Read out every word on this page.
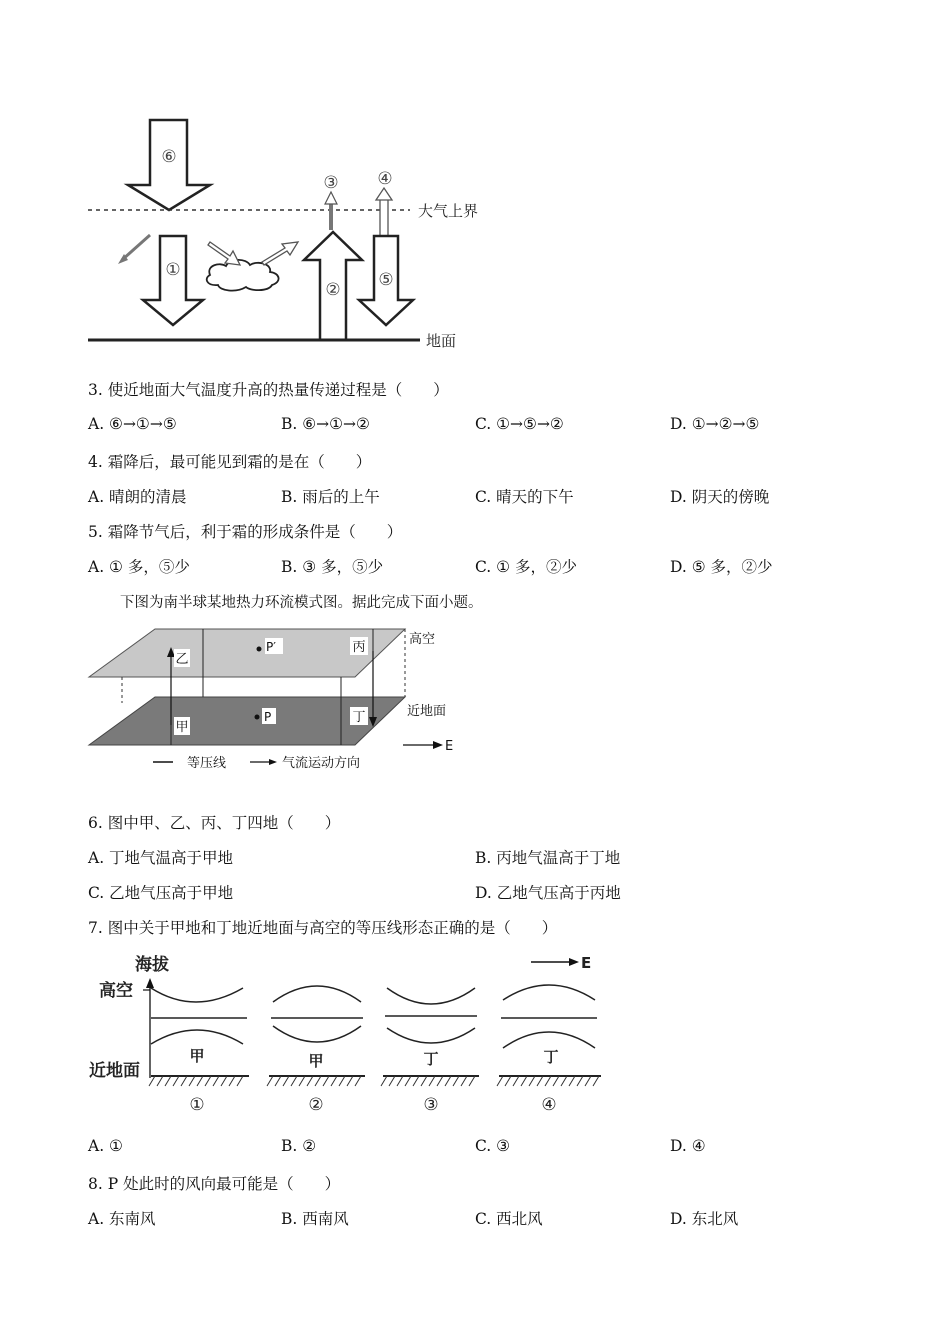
⑥
大气上界
①
②
③ ④
⑤
地面
3. 使近地面大气温度升高的热量传递过程是（　　）
A. ⑥→①→⑤	B. ⑥→①→②	C. ①→⑤→②	D. ①→②→⑤
4. 霜降后，最可能见到霜的是在（　　）
A. 晴朗的清晨	B. 雨后的上午	C. 晴天的下午	D. 阴天的傍晚
5. 霜降节气后，利于霜的形成条件是（　　）
A. ① 多，⑤少	B. ③ 多，⑤少	C. ① 多，②少	D. ⑤ 多，②少
下图为南半球某地热力环流模式图。据此完成下面小题。
乙
丙
甲
丁
P′
P
高空
近地面
E
等压线	气流运动方向
6. 图中甲、乙、丙、丁四地（　　）
A. 丁地气温高于甲地	B. 丙地气温高于丁地
C. 乙地气压高于甲地	D. 乙地气压高于丙地
7. 图中关于甲地和丁地近地面与高空的等压线形态正确的是（　　）
海拔
高空
近地面
E
甲
①
甲
②
丁
③
丁
④
A. ①	B. ②	C. ③	D. ④
8. P 处此时的风向最可能是（　　）
A. 东南风	B. 西南风	C. 西北风	D. 东北风
